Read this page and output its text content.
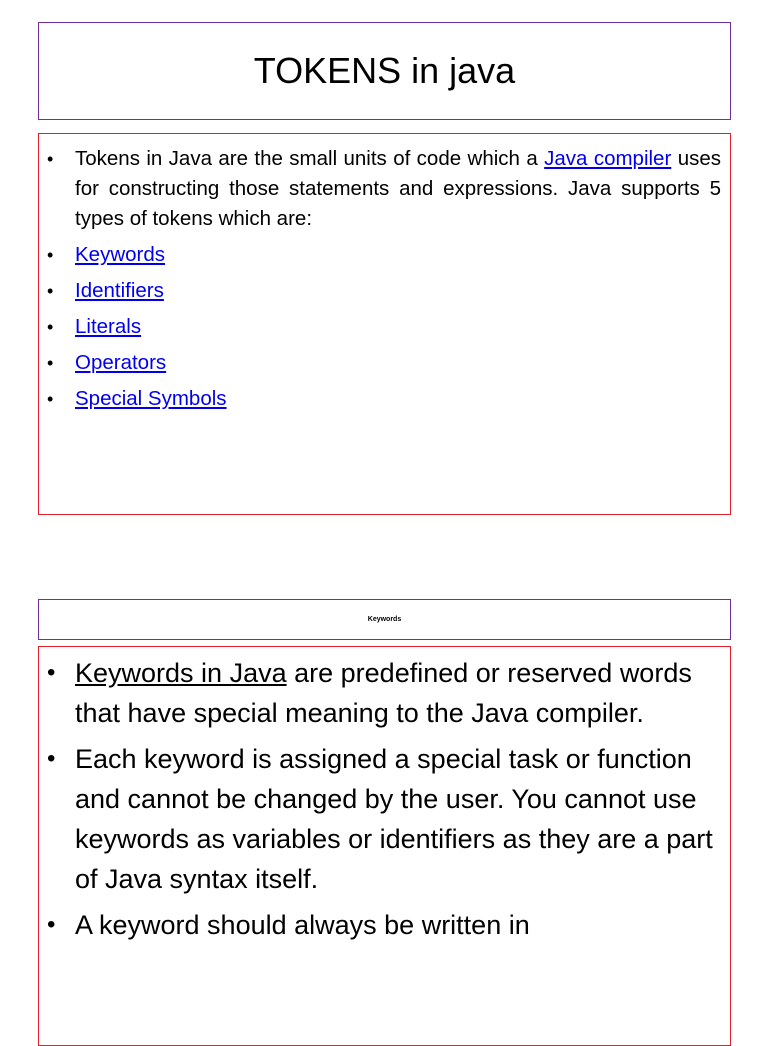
TOKENS in java
• Tokens in Java are the small units of code which a Java compiler uses for constructing those statements and expressions. Java supports 5 types of tokens which are:
• Keywords
• Identifiers
• Literals
• Operators
• Special Symbols
Keywords
• Keywords in Java are predefined or reserved words that have special meaning to the Java compiler.
• Each keyword is assigned a special task or function and cannot be changed by the user. You cannot use keywords as variables or identifiers as they are a part of Java syntax itself.
• A keyword should always be written in
